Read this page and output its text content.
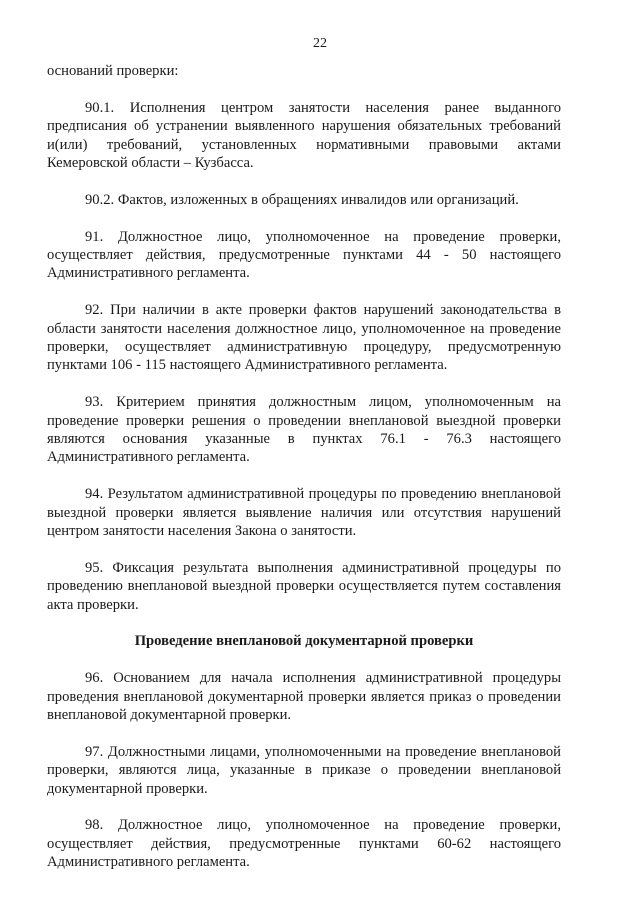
22

оснований проверки:

90.1. Исполнения центром занятости населения ранее выданного предписания об устранении выявленного нарушения обязательных требований и(или) требований, установленных нормативными правовыми актами Кемеровской области – Кузбасса.

90.2. Фактов, изложенных в обращениях инвалидов или организаций.

91. Должностное лицо, уполномоченное на проведение проверки, осуществляет действия, предусмотренные пунктами 44 - 50 настоящего Административного регламента.

92. При наличии в акте проверки фактов нарушений законодательства в области занятости населения должностное лицо, уполномоченное на проведение проверки, осуществляет административную процедуру, предусмотренную пунктами 106 - 115 настоящего Административного регламента.

93. Критерием принятия должностным лицом, уполномоченным на проведение проверки решения о проведении внеплановой выездной проверки являются основания указанные в пунктах 76.1 - 76.3 настоящего Административного регламента.

94. Результатом административной процедуры по проведению внеплановой выездной проверки является выявление наличия или отсутствия нарушений центром занятости населения Закона о занятости.

95. Фиксация результата выполнения административной процедуры по проведению внеплановой выездной проверки осуществляется путем составления акта проверки.

Проведение внеплановой документарной проверки

96. Основанием для начала исполнения административной процедуры проведения внеплановой документарной проверки является приказ о проведении внеплановой документарной проверки.

97. Должностными лицами, уполномоченными на проведение внеплановой проверки, являются лица, указанные в приказе о проведении внеплановой документарной проверки.

98. Должностное лицо, уполномоченное на проведение проверки, осуществляет действия, предусмотренные пунктами 60-62 настоящего Административного регламента.
